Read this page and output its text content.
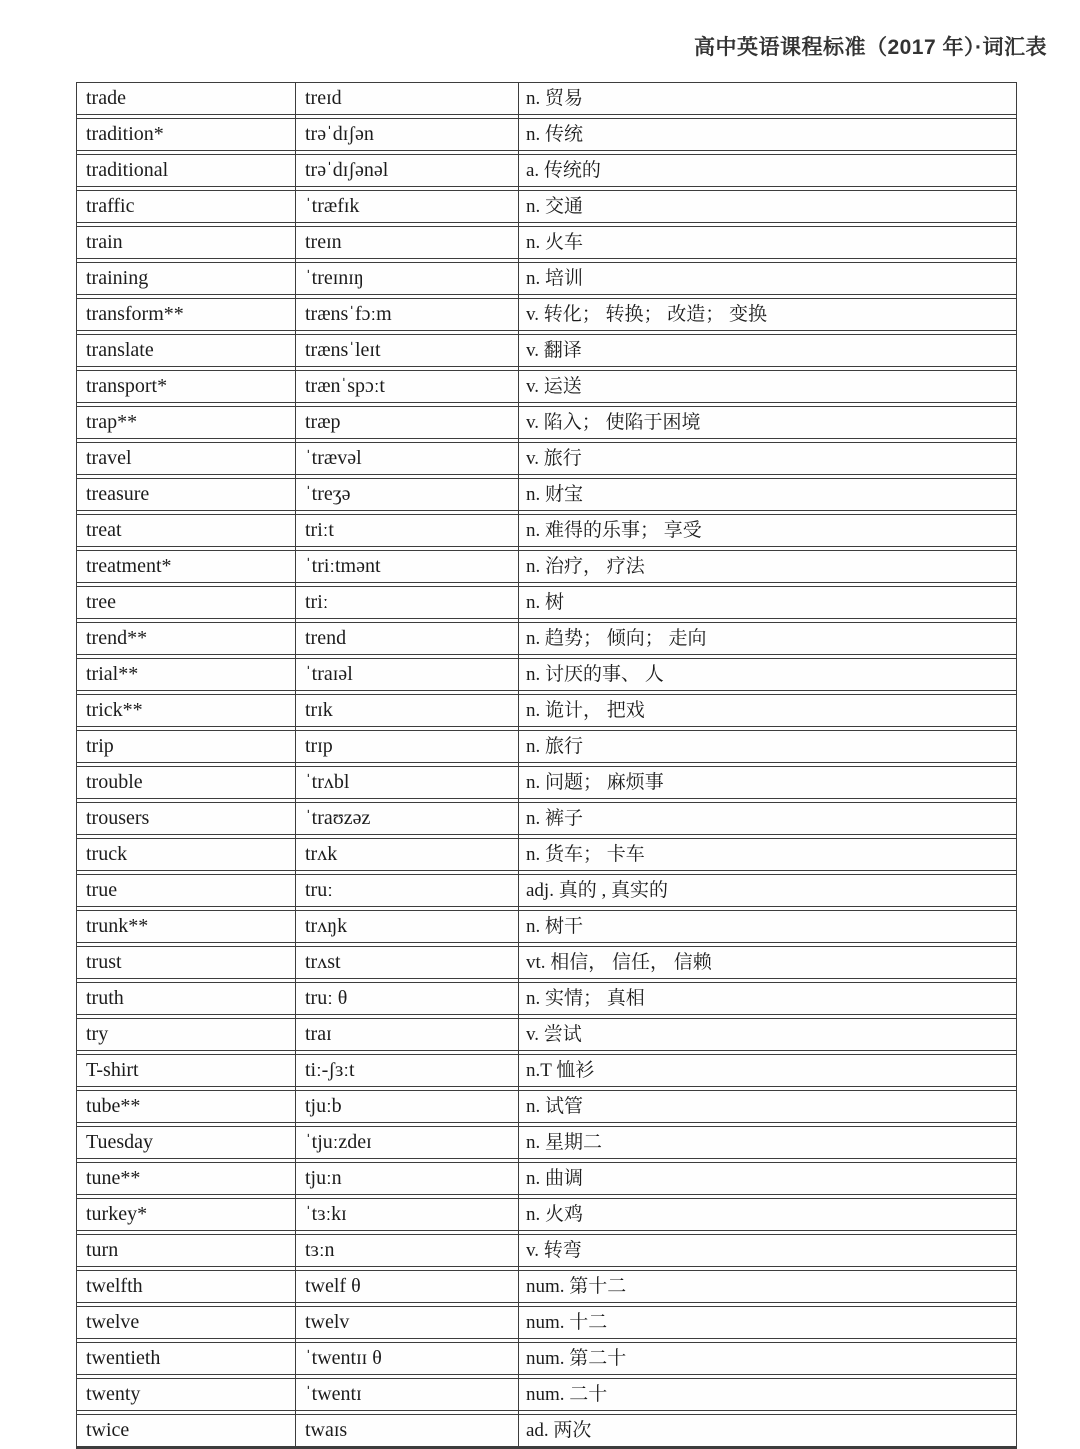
高中英语课程标准（2017 年）·词汇表
trade	treɪd	n. 贸易
tradition*	trəˈdɪʃən	n. 传统
traditional	trəˈdɪʃənəl	a. 传统的
traffic	ˈtræfɪk	n. 交通
train	treɪn	n. 火车
training	ˈtreɪnɪŋ	n. 培训
transform**	trænsˈfɔːm	v. 转化； 转换； 改造； 变换
translate	trænsˈleɪt	v. 翻译
transport*	trænˈspɔːt	v. 运送
trap**	træp	v. 陷入； 使陷于困境
travel	ˈtrævəl	v. 旅行
treasure	ˈtreʒə	n. 财宝
treat	triːt	n. 难得的乐事； 享受
treatment*	ˈtriːtmənt	n. 治疗， 疗法
tree	triː	n. 树
trend**	trend	n. 趋势； 倾向； 走向
trial**	ˈtraɪəl	n. 讨厌的事、 人
trick**	trɪk	n. 诡计， 把戏
trip	trɪp	n. 旅行
trouble	ˈtrʌbl	n. 问题； 麻烦事
trousers	ˈtraʊzəz	n. 裤子
truck	trʌk	n. 货车； 卡车
true	truː	adj. 真的 , 真实的
trunk**	trʌŋk	n. 树干
trust	trʌst	vt. 相信， 信任， 信赖
truth	truː θ	n. 实情； 真相
try	traɪ	v. 尝试
T-shirt	tiː-ʃɜːt	n.T 恤衫
tube**	tjuːb	n. 试管
Tuesday	ˈtjuːzdeɪ	n. 星期二
tune**	tjuːn	n. 曲调
turkey*	ˈtɜːkɪ	n. 火鸡
turn	tɜːn	v. 转弯
twelfth	twelf θ	num. 第十二
twelve	twelv	num. 十二
twentieth	ˈtwentɪɪ θ	num. 第二十
twenty	ˈtwentɪ	num. 二十
twice	twaɪs	ad. 两次
